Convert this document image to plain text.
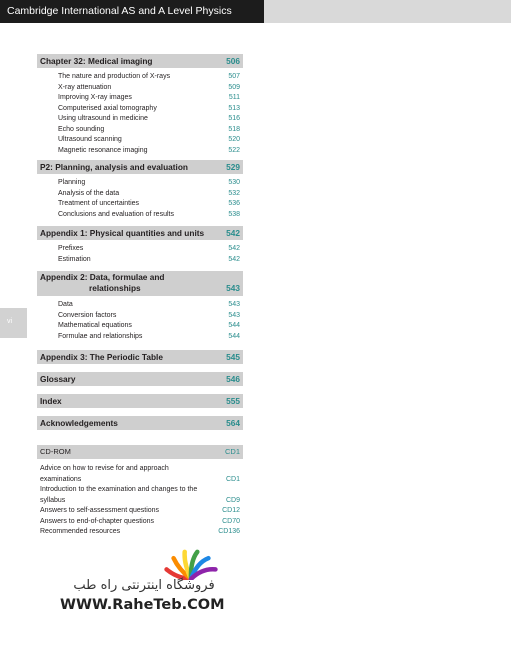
Cambridge International AS and A Level Physics
vi
Chapter 32: Medical imaging	506
The nature and production of X-rays	507
X-ray attenuation	509
Improving X-ray images	511
Computerised axial tomography	513
Using ultrasound in medicine	516
Echo sounding	518
Ultrasound scanning	520
Magnetic resonance imaging	522
P2: Planning, analysis and evaluation	529
Planning	530
Analysis of the data	532
Treatment of uncertainties	536
Conclusions and evaluation of results	538
Appendix 1: Physical quantities and units	542
Prefixes	542
Estimation	542
Appendix 2: Data, formulae and
relationships	543
Data	543
Conversion factors	543
Mathematical equations	544
Formulae and relationships	544
Appendix 3: The Periodic Table	545
Glossary	546
Index	555
Acknowledgements	564
CD-ROM	CD1
Advice on how to revise for and approach examinations	CD1
Introduction to the examination and changes to the syllabus	CD9
Answers to self-assessment questions	CD12
Answers to end-of-chapter questions	CD70
Recommended resources	CD136
فروشگاه اینترنتی راه طب
WWW.RaheTeb.COM
